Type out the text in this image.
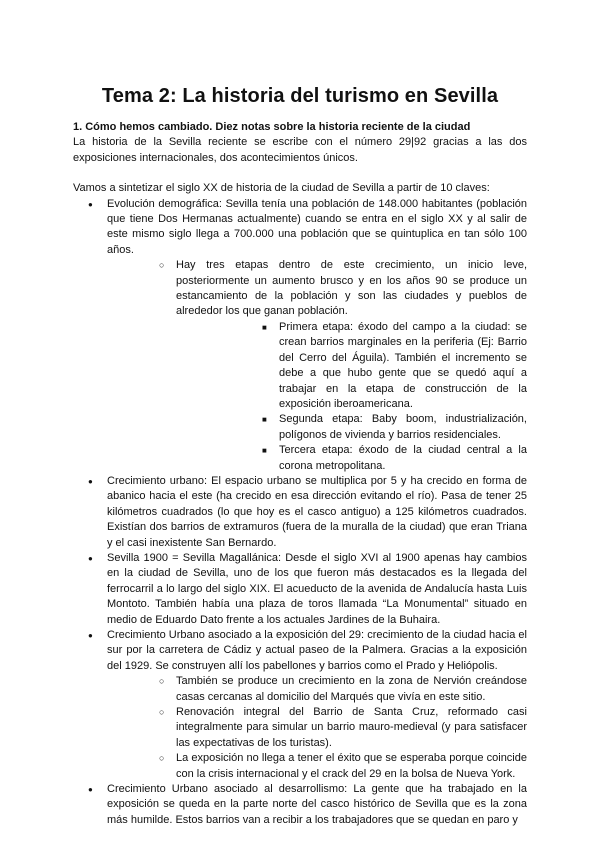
Tema 2: La historia del turismo en Sevilla
1. Cómo hemos cambiado. Diez notas sobre la historia reciente de la ciudad

La historia de la Sevilla reciente se escribe con el número 29|92 gracias a las dos exposiciones internacionales, dos acontecimientos únicos.

Vamos a sintetizar el siglo XX de historia de la ciudad de Sevilla a partir de 10 claves:

●
Evolución demográfica: Sevilla tenía una población de 148.000 habitantes (población que tiene Dos Hermanas actualmente) cuando se entra en el siglo XX y al salir de este mismo siglo llega a 700.000 una población que se quintuplica en tan sólo 100 años.
○
Hay tres etapas dentro de este crecimiento, un inicio leve, posteriormente un aumento brusco y en los años 90 se produce un estancamiento de la población y son las ciudades y pueblos de alrededor los que ganan población.
■
Primera etapa: éxodo del campo a la ciudad: se crean barrios marginales en la periferia (Ej: Barrio del Cerro del Águila). También el incremento se debe a que hubo gente que se quedó aquí a trabajar en la etapa de construcción de la exposición iberoamericana.
■
Segunda etapa: Baby boom, industrialización, polígonos de vivienda y barrios residenciales.
■
Tercera etapa: éxodo de la ciudad central a la corona metropolitana.
●
Crecimiento urbano: El espacio urbano se multiplica por 5 y ha crecido en forma de abanico hacia el este (ha crecido en esa dirección evitando el río). Pasa de tener 25 kilómetros cuadrados (lo que hoy es el casco antiguo) a 125 kilómetros cuadrados. Existían dos barrios de extramuros (fuera de la muralla de la ciudad) que eran Triana y el casi inexistente San Bernardo.
●
Sevilla 1900 = Sevilla Magallánica: Desde el siglo XVI al 1900 apenas hay cambios en la ciudad de Sevilla, uno de los que fueron más destacados es la llegada del ferrocarril a lo largo del siglo XIX. El acueducto de la avenida de Andalucía hasta Luis Montoto. También había una plaza de toros llamada “La Monumental” situado en medio de Eduardo Dato frente a los actuales Jardines de la Buhaira.
●
Crecimiento Urbano asociado a la exposición del 29: crecimiento de la ciudad hacia el sur por la carretera de Cádiz y actual paseo de la Palmera. Gracias a la exposición del 1929. Se construyen allí los pabellones y barrios como el Prado y Heliópolis.
○
También se produce un crecimiento en la zona de Nervión creándose casas cercanas al domicilio del Marqués que vivía en este sitio.
○
Renovación integral del Barrio de Santa Cruz, reformado casi integralmente para simular un barrio mauro-medieval (y para satisfacer las expectativas de los turistas).
○
La exposición no llega a tener el éxito que se esperaba porque coincide con la crisis internacional y el crack del 29 en la bolsa de Nueva York.
●
Crecimiento Urbano asociado al desarrollismo: La gente que ha trabajado en la exposición se queda en la parte norte del casco histórico de Sevilla que es la zona más humilde. Estos barrios van a recibir a los trabajadores que se quedan en paro y
